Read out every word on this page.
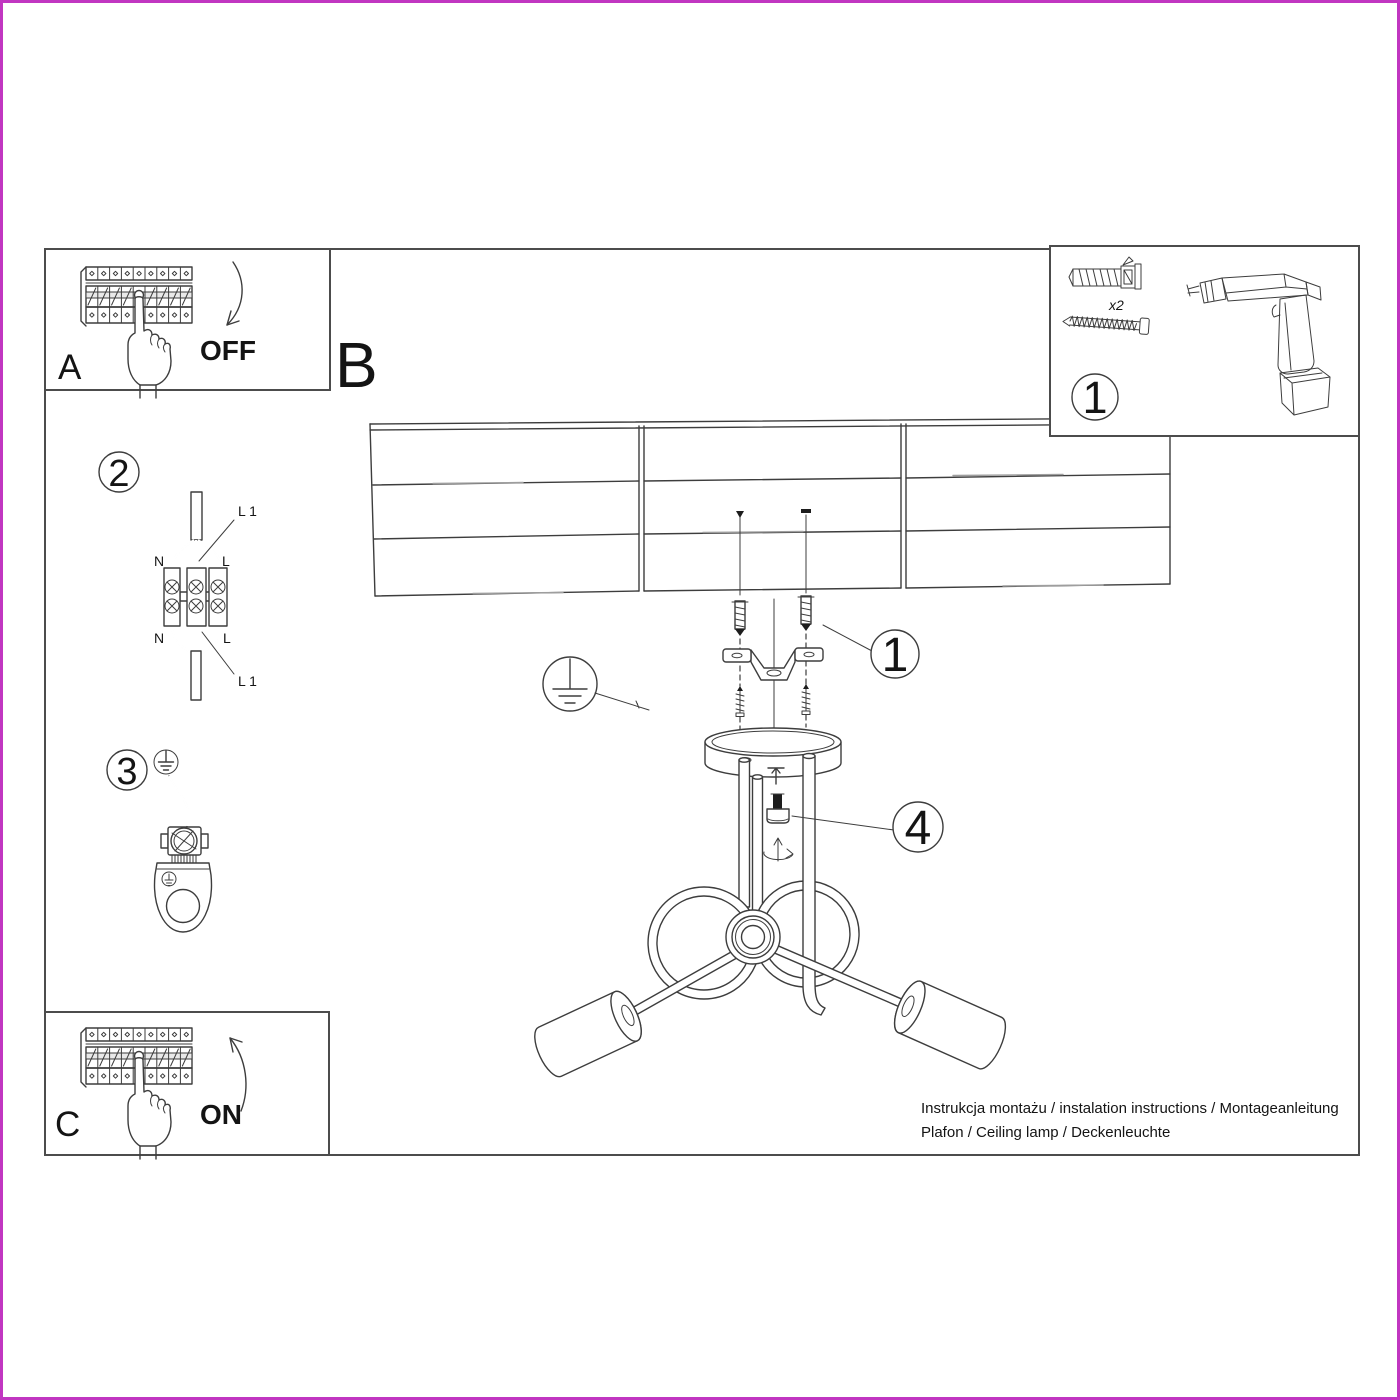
1
4
A	OFF
C	ON
x2
1
2
L 1
N	L
N	L
L 1
3
B
Instrukcja montażu / instalation instructions / Montageanleitung
Plafon / Ceiling lamp / Deckenleuchte
